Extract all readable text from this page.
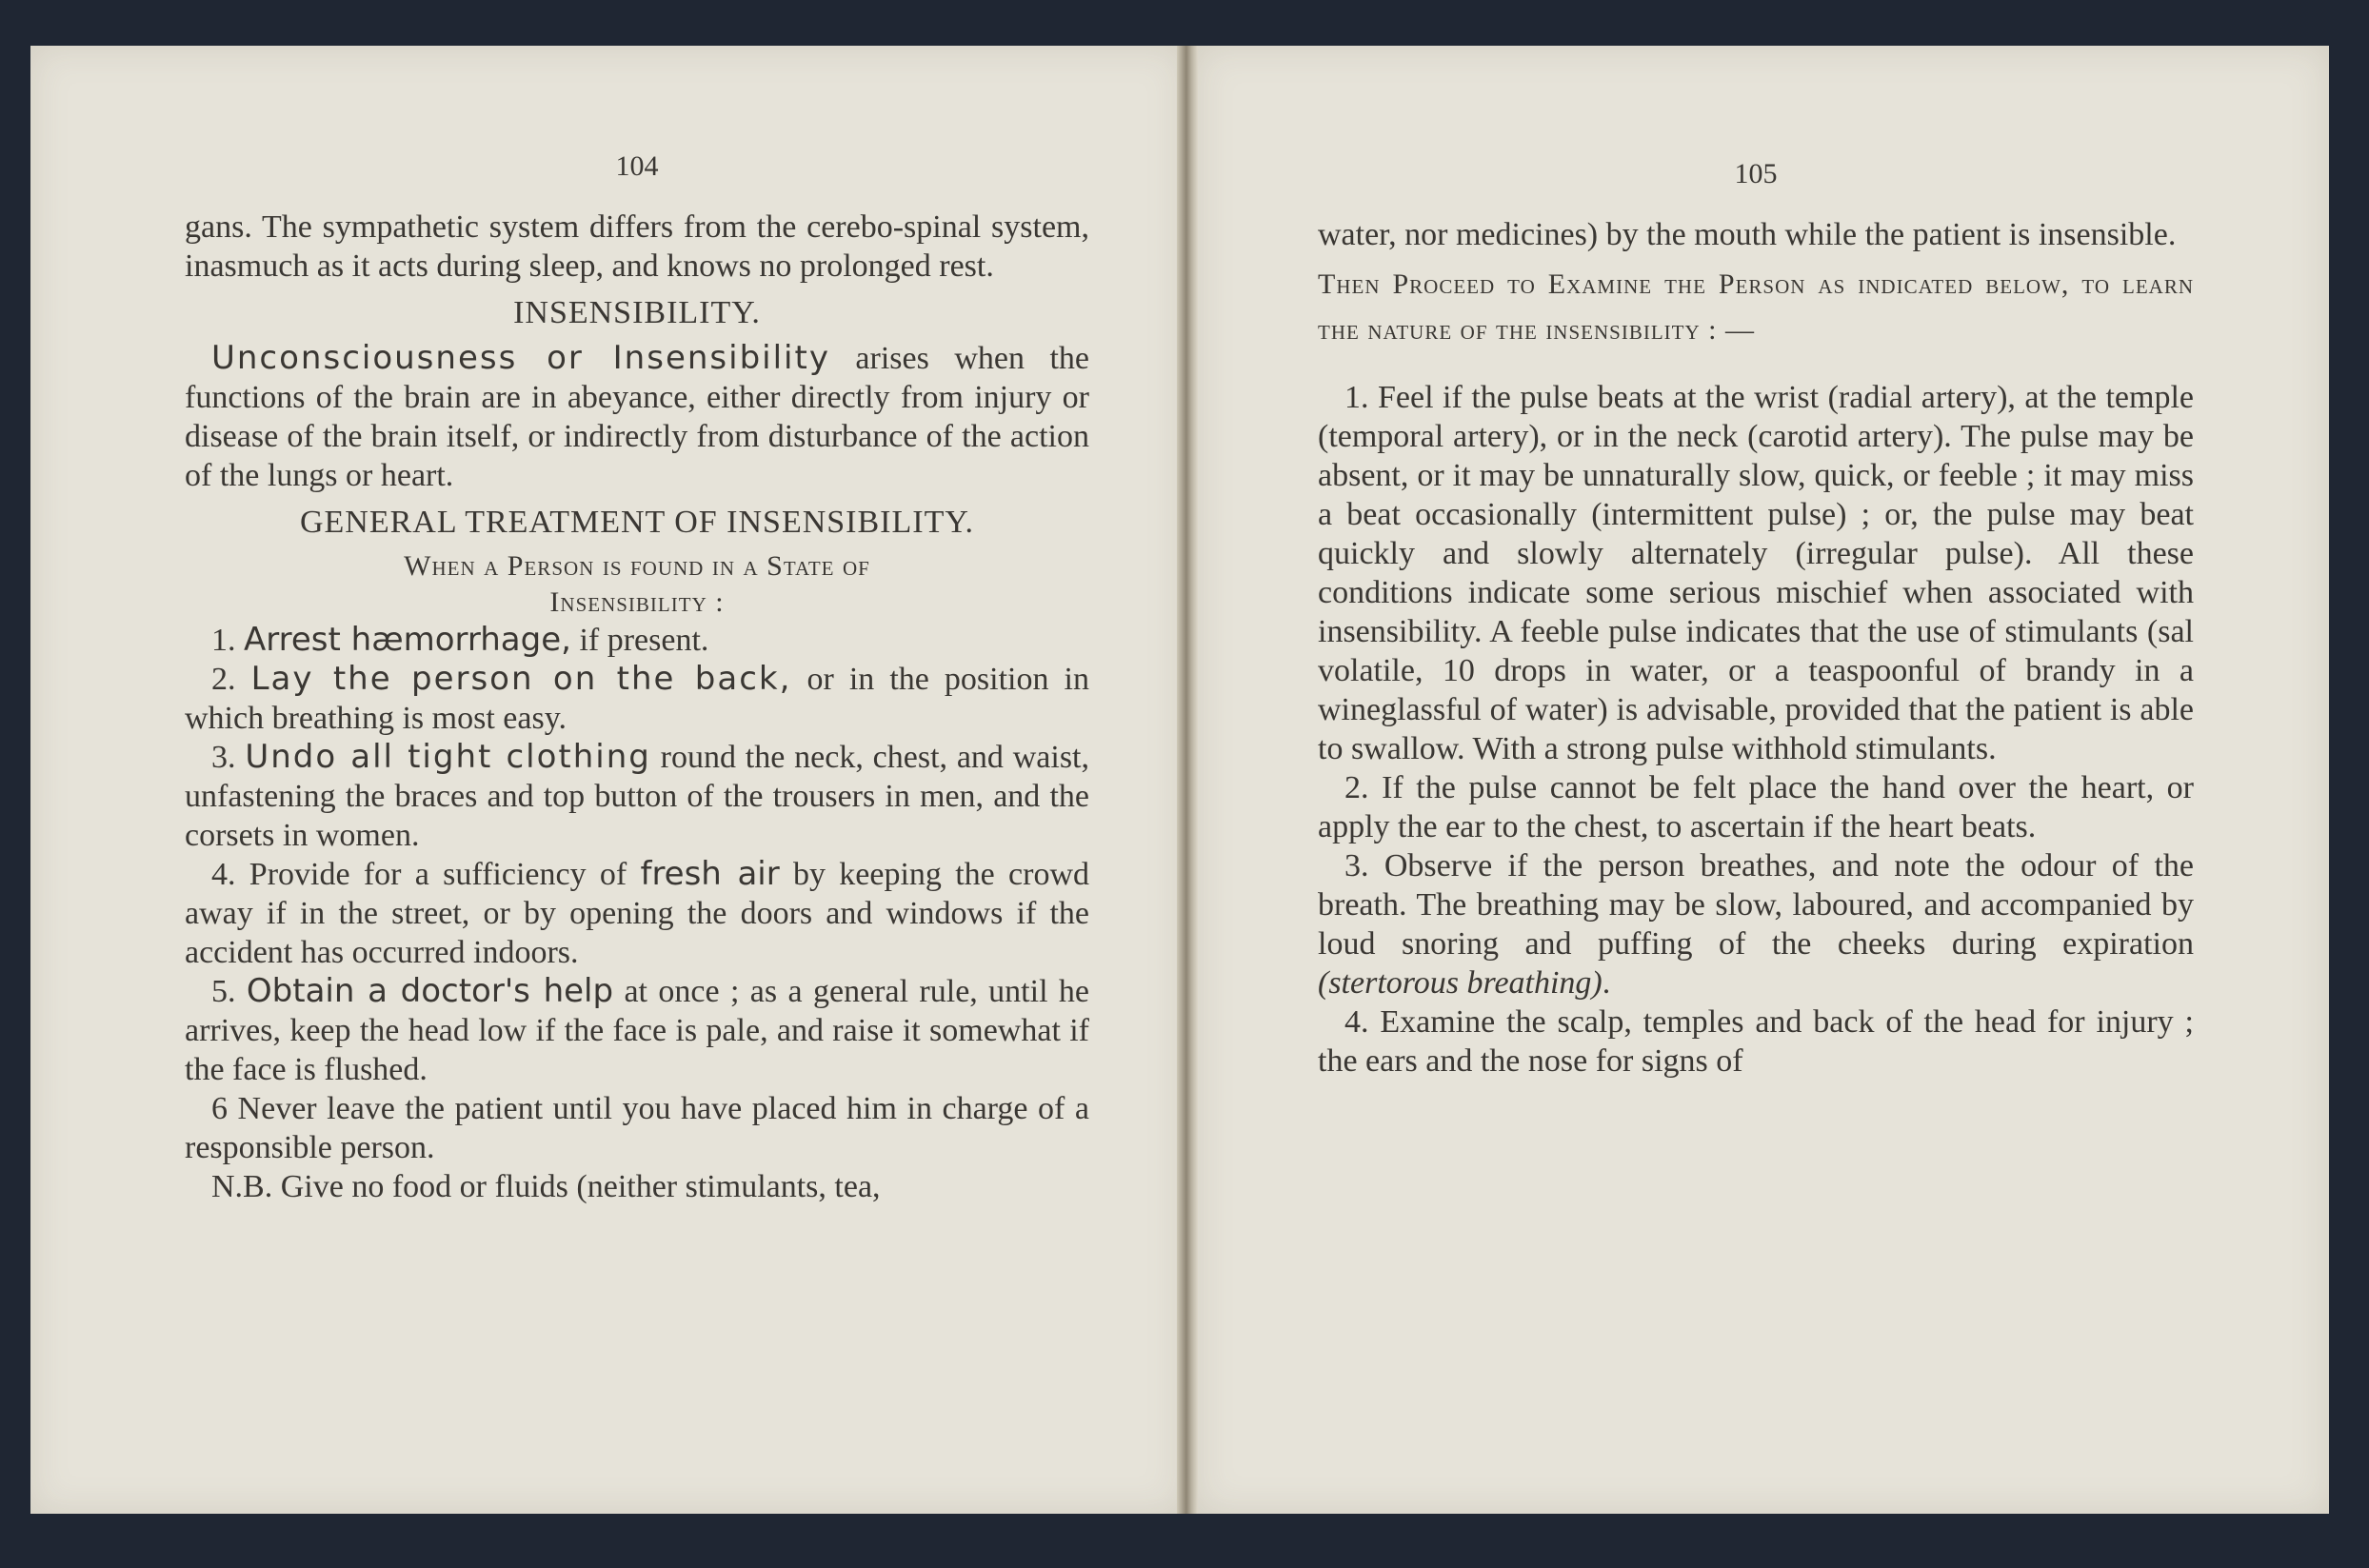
104

gans. The sympathetic system differs from the cerebo-spinal system, inasmuch as it acts during sleep, and knows no prolonged rest.

INSENSIBILITY.

Unconsciousness or Insensibility arises when the functions of the brain are in abeyance, either directly from injury or disease of the brain itself, or indirectly from disturbance of the action of the lungs or heart.

GENERAL TREATMENT OF INSENSIBILITY.
When a Person is found in a State of
Insensibility :

1. Arrest hæmorrhage, if present.

2. Lay the person on the back, or in the position in which breathing is most easy.

3. Undo all tight clothing round the neck, chest, and waist, unfastening the braces and top button of the trousers in men, and the corsets in women.

4. Provide for a sufficiency of fresh air by keeping the crowd away if in the street, or by opening the doors and windows if the accident has occurred indoors.

5. Obtain a doctor's help at once ; as a general rule, until he arrives, keep the head low if the face is pale, and raise it somewhat if the face is flushed.

6 Never leave the patient until you have placed him in charge of a responsible person.

N.B. Give no food or fluids (neither stimulants, tea,

105

water, nor medicines) by the mouth while the patient is insensible.

Then Proceed to Examine the Person as indicated below, to learn the nature of the insensibility : —

1. Feel if the pulse beats at the wrist (radial artery), at the temple (temporal artery), or in the neck (carotid artery). The pulse may be absent, or it may be unnaturally slow, quick, or feeble ; it may miss a beat occasionally (intermittent pulse) ; or, the pulse may beat quickly and slowly alternately (irregular pulse). All these conditions indicate some serious mischief when associated with insensibility. A feeble pulse indicates that the use of stimulants (sal volatile, 10 drops in water, or a teaspoonful of brandy in a wineglassful of water) is advisable, provided that the patient is able to swallow. With a strong pulse withhold stimulants.

2. If the pulse cannot be felt place the hand over the heart, or apply the ear to the chest, to ascertain if the heart beats.

3. Observe if the person breathes, and note the odour of the breath. The breathing may be slow, laboured, and accompanied by loud snoring and puffing of the cheeks during expiration (stertorous breathing).

4. Examine the scalp, temples and back of the head for injury ; the ears and the nose for signs of
